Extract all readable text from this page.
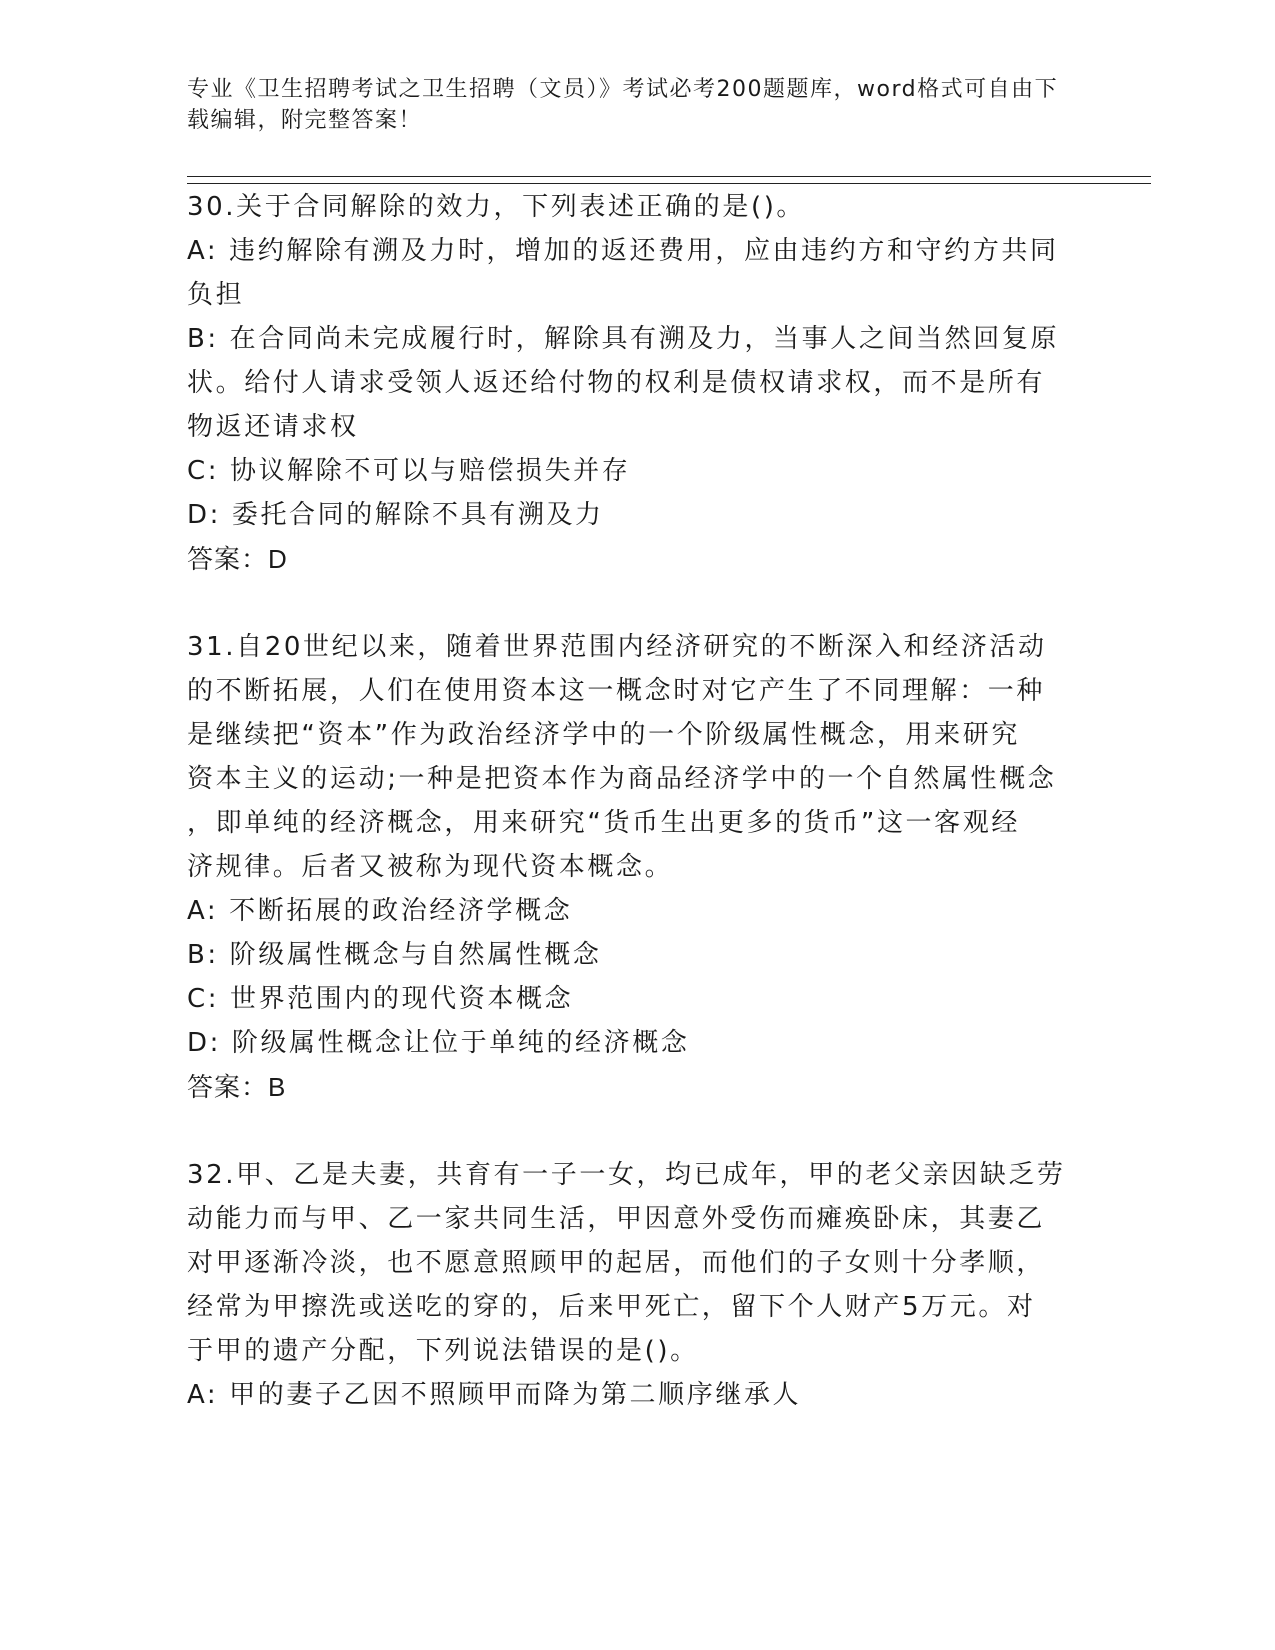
专业《卫生招聘考试之卫生招聘（文员）》考试必考200题题库，word格式可自由下载编辑，附完整答案！
30.关于合同解除的效力，下列表述正确的是()。
A: 违约解除有溯及力时，增加的返还费用，应由违约方和守约方共同
负担
B: 在合同尚未完成履行时，解除具有溯及力，当事人之间当然回复原
状。给付人请求受领人返还给付物的权利是债权请求权，而不是所有
物返还请求权
C: 协议解除不可以与赔偿损失并存
D: 委托合同的解除不具有溯及力
答案：D
31.自20世纪以来，随着世界范围内经济研究的不断深入和经济活动
的不断拓展，人们在使用资本这一概念时对它产生了不同理解：一种
是继续把“资本”作为政治经济学中的一个阶级属性概念，用来研究
资本主义的运动;一种是把资本作为商品经济学中的一个自然属性概念
，即单纯的经济概念，用来研究“货币生出更多的货币”这一客观经
济规律。后者又被称为现代资本概念。
A: 不断拓展的政治经济学概念
B: 阶级属性概念与自然属性概念
C: 世界范围内的现代资本概念
D: 阶级属性概念让位于单纯的经济概念
答案：B
32.甲、乙是夫妻，共育有一子一女，均已成年，甲的老父亲因缺乏劳
动能力而与甲、乙一家共同生活，甲因意外受伤而瘫痪卧床，其妻乙
对甲逐渐冷淡，也不愿意照顾甲的起居，而他们的子女则十分孝顺，
经常为甲擦洗或送吃的穿的，后来甲死亡，留下个人财产5万元。对
于甲的遗产分配，下列说法错误的是()。
A: 甲的妻子乙因不照顾甲而降为第二顺序继承人
